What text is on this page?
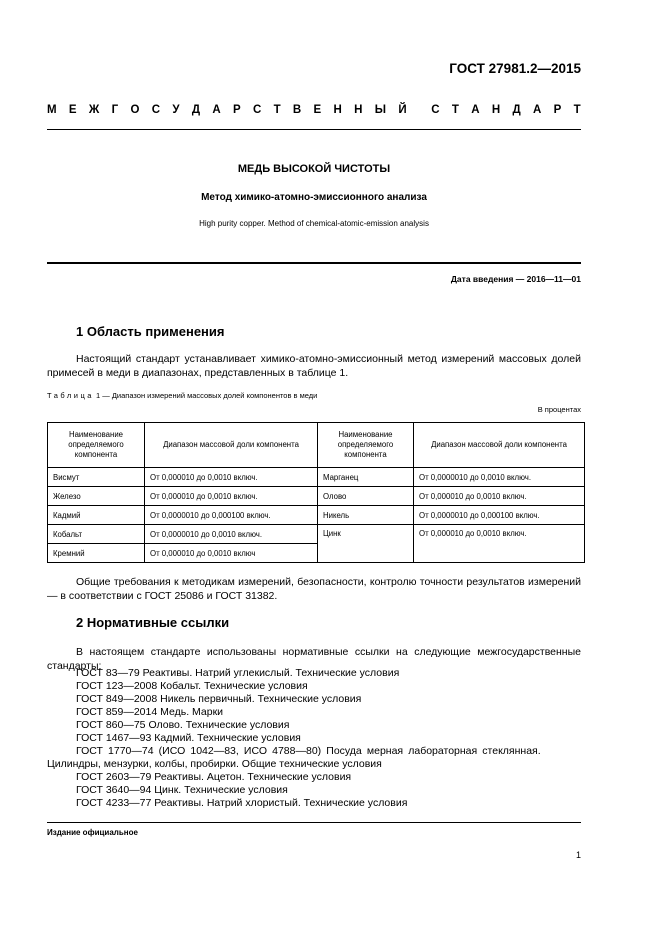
ГОСТ 27981.2—2015
М Е Ж Г О С У Д А Р С Т В Е Н Н Ы Й С Т А Н Д А Р Т
МЕДЬ ВЫСОКОЙ ЧИСТОТЫ
Метод химико-атомно-эмиссионного анализа
High purity copper. Method of chemical-atomic-emission analysis
Дата введения — 2016—11—01
1 Область применения
Настоящий стандарт устанавливает химико-атомно-эмиссионный метод измерений массовых долей примесей в меди в диапазонах, представленных в таблице 1.
Таблица 1 — Диапазон измерений массовых долей компонентов в меди
В процентах
Наименование определяемого компонента	Диапазон массовой доли компонента	Наименование определяемого компонента	Диапазон массовой доли компонента
Висмут	От 0,000010 до 0,0010 включ.	Марганец	От 0,0000010 до 0,0010 включ.
Железо	От 0,000010 до 0,0010 включ.	Олово	От 0,000010 до 0,0010 включ.
Кадмий	От 0,0000010 до 0,000100 включ.	Никель	От 0,0000010 до 0,000100 включ.
Кобальт	От 0,0000010 до 0,0010 включ.	Цинк	От 0,000010 до 0,0010 включ.
Кремний	От 0,000010 до 0,0010 включ		
Общие требования к методикам измерений, безопасности, контролю точности результатов измерений — в соответствии с ГОСТ 25086 и ГОСТ 31382.
2 Нормативные ссылки
В настоящем стандарте использованы нормативные ссылки на следующие межгосударственные стандарты:
ГОСТ 83—79 Реактивы. Натрий углекислый. Технические условия
ГОСТ 123—2008 Кобальт. Технические условия
ГОСТ 849—2008 Никель первичный. Технические условия
ГОСТ 859—2014 Медь. Марки
ГОСТ 860—75 Олово. Технические условия
ГОСТ 1467—93 Кадмий. Технические условия
ГОСТ 1770—74 (ИСО 1042—83, ИСО 4788—80) Посуда мерная лабораторная стеклянная.
Цилиндры, мензурки, колбы, пробирки. Общие технические условия
ГОСТ 2603—79 Реактивы. Ацетон. Технические условия
ГОСТ 3640—94 Цинк. Технические условия
ГОСТ 4233—77 Реактивы. Натрий хлористый. Технические условия
Издание официальное
1
